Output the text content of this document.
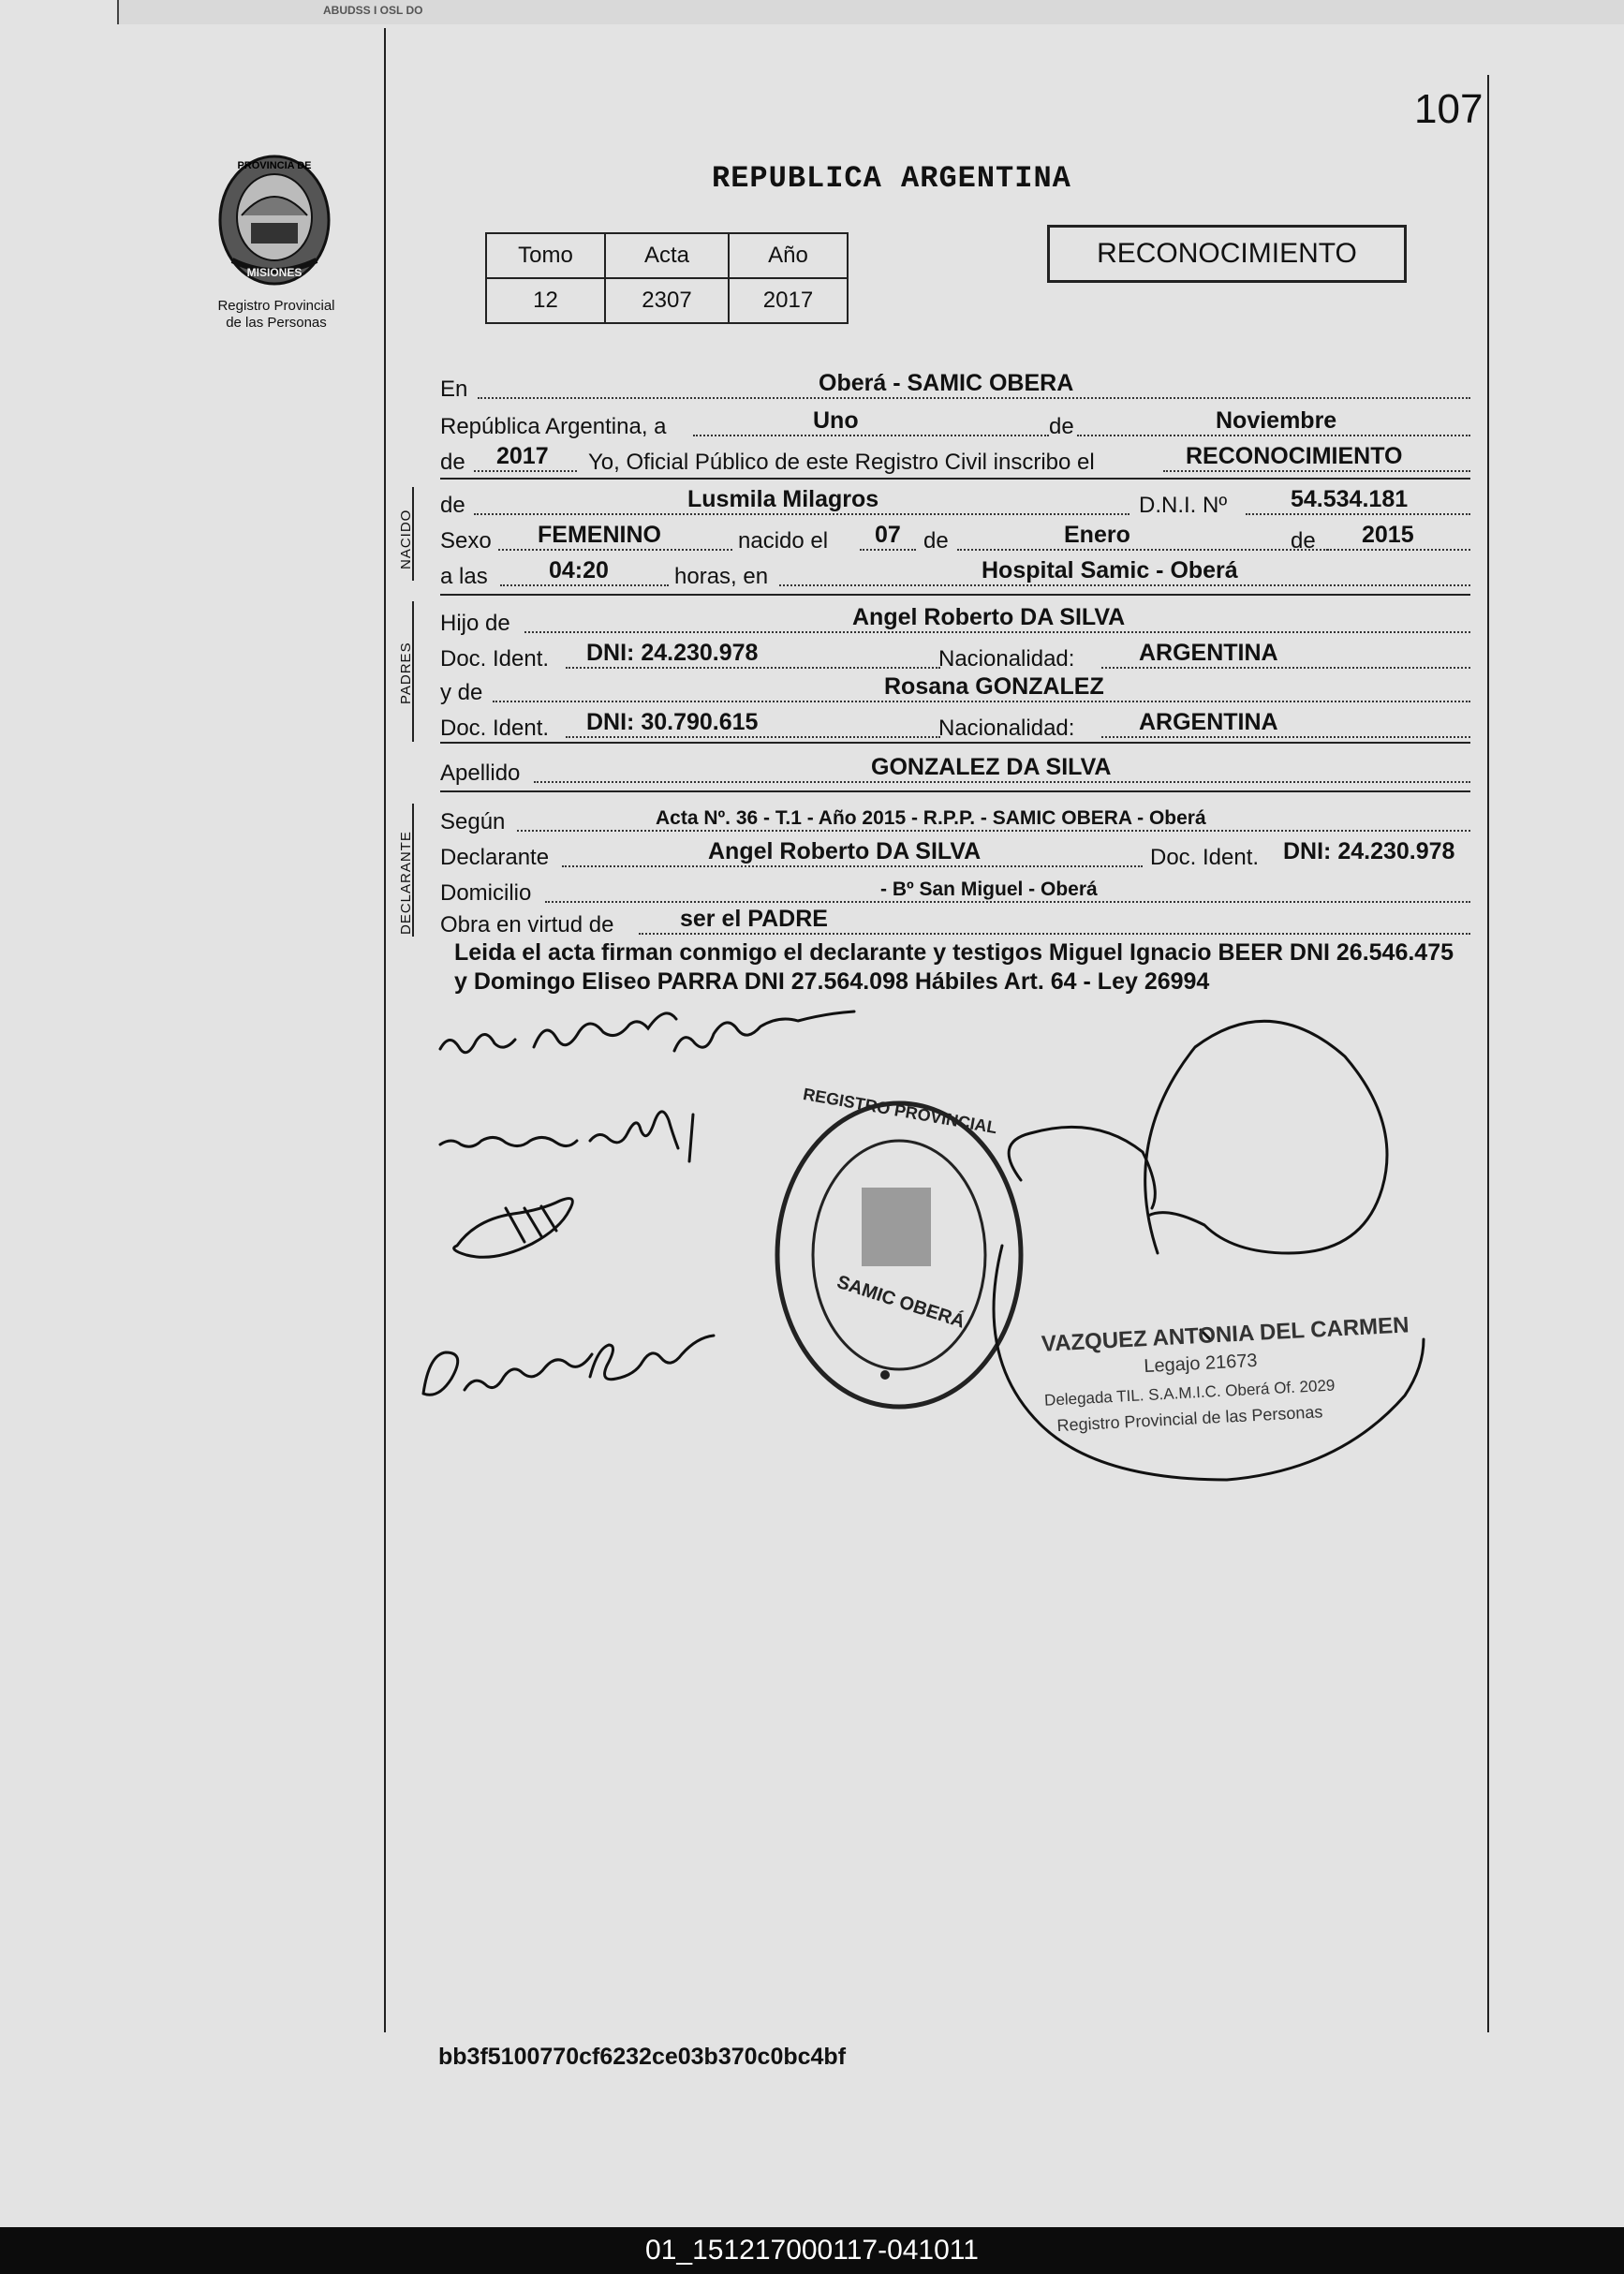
ABUDSS I OSL DO
107
PROVINCIA DE
MISIONES
Registro Provincial
de las Personas
REPUBLICA ARGENTINA
Tomo	Acta	Año
12	2307	2017
RECONOCIMIENTO
En	Oberá - SAMIC OBERA
República Argentina, a	Uno	de	Noviembre
de 2017 Yo, Oficial Público de este Registro Civil inscribo el	RECONOCIMIENTO
NACIDO
de	Lusmila Milagros	D.N.I. Nº	54.534.181
Sexo FEMENINO	nacido el 07 de	Enero	de 2015
a las	04:20	horas, en	Hospital Samic - Oberá
PADRES
Hijo de	Angel Roberto DA SILVA
Doc. Ident. DNI: 24.230.978	Nacionalidad:	ARGENTINA
y de	Rosana GONZALEZ
Doc. Ident. DNI: 30.790.615	Nacionalidad:	ARGENTINA
Apellido	GONZALEZ DA SILVA
DECLARANTE
Según	Acta Nº. 36 - T.1 - Año 2015 - R.P.P. - SAMIC OBERA - Oberá
Declarante	Angel Roberto DA SILVA	Doc. Ident. DNI: 24.230.978
Domicilio	- Bº San Miguel - Oberá
Obra en virtud de	ser el PADRE
Leida el acta firman conmigo el declarante y testigos Miguel Ignacio BEER DNI 26.546.475 y Domingo Eliseo PARRA DNI 27.564.098 Hábiles Art. 64 - Ley 26994
SAMIC OBERÁ
REGISTRO PROVINCIAL
VAZQUEZ ANTONIA DEL CARMEN
Legajo 21673
Delegada TIL. S.A.M.I.C. Oberá Of. 2029
Registro Provincial de las Personas
bb3f5100770cf6232ce03b370c0bc4bf
01_151217000117-041011
